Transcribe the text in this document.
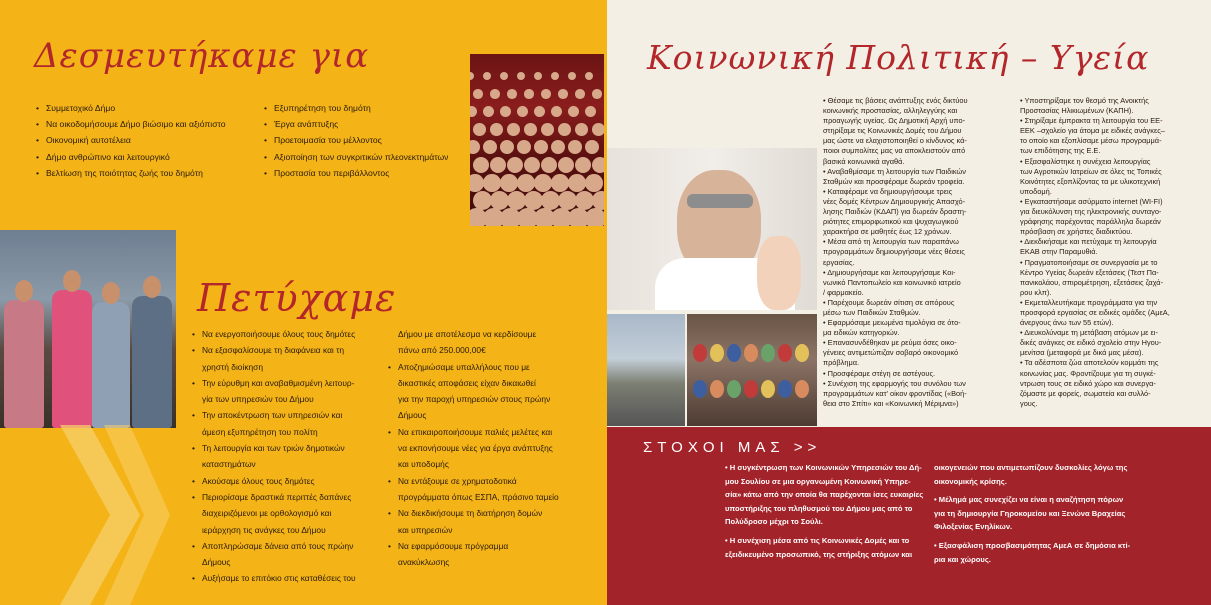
Δεσμευτήκαμε για
• Συμμετοχικό Δήμο
• Να οικοδομήσουμε Δήμο βιώσιμο και αξιόπιστο
• Οικονομική αυτοτέλεια
• Δήμο ανθρώπινο και λειτουργικό
• Βελτίωση της ποιότητας ζωής του δημότη
• Εξυπηρέτηση του δημότη
• Έργα ανάπτυξης
• Προετοιμασία του μέλλοντος
• Αξιοποίηση των συγκριτικών πλεονεκτημάτων
• Προστασία του περιβάλλοντος
Πετύχαμε
• Να ενεργοποιήσουμε όλους τους δημότες
• Να εξασφαλίσουμε τη διαφάνεια και τη
χρηστή διοίκηση
• Την εύρυθμη και αναβαθμισμένη λειτουρ-
γία των υπηρεσιών του Δήμου
• Την αποκέντρωση των υπηρεσιών και
άμεση εξυπηρέτηση του πολίτη
• Τη λειτουργία και των τριών δημοτικών
καταστημάτων
• Ακούσαμε όλους τους δημότες
• Περιορίσαμε δραστικά περιττές δαπάνες
διαχειριζόμενοι με ορθολογισμό και
ιεράρχηση τις ανάγκες του Δήμου
• Αποπληρώσαμε δάνεια από τους πρώην
Δήμους
• Αυξήσαμε το επιτόκιο στις καταθέσεις του
Δήμου με αποτέλεσμα να κερδίσουμε
πάνω από 250.000,00€
• Αποζημιώσαμε υπαλλήλους που με
δικαστικές αποφάσεις είχαν δικαιωθεί
για την παροχή υπηρεσιών στους πρώην
Δήμους
• Να επικαιροποιήσουμε παλιές μελέτες και
να εκπονήσουμε νέες για έργα ανάπτυξης
και υποδομής
• Να εντάξουμε σε χρηματοδοτικά
προγράμματα όπως ΕΣΠΑ, πράσινο ταμείο
• Να διεκδικήσουμε τη διατήρηση δομών
και υπηρεσιών
• Να εφαρμόσουμε πρόγραμμα
ανακύκλωσης
Κοινωνική Πολιτική – Υγεία
• Θέσαμε τις βάσεις ανάπτυξης ενός δικτύου
κοινωνικής προστασίας, αλληλεγγύης και
προαγωγής υγείας. Ως Δημοτική Αρχή υπο-
στηρίξαμε τις Κοινωνικές Δομές του Δήμου
μας ώστε να ελαχιστοποιηθεί ο κίνδυνος κά-
ποιοι συμπολίτες μας να αποκλειστούν από
βασικά κοινωνικά αγαθά.
• Αναβαθμίσαμε τη λειτουργία των Παιδικών
Σταθμών και προσφέραμε δωρεάν τροφεία.
• Καταφέραμε να δημιουργήσουμε τρεις
νέες δομές Κέντρων Δημιουργικής Απασχό-
λησης Παιδιών (ΚΔΑΠ) για δωρεάν δραστη-
ριότητες επιμορφωτικού και ψυχαγωγικού
χαρακτήρα σε μαθητές έως 12 χρόνων.
• Μέσα από τη λειτουργία των παραπάνω
προγραμμάτων δημιουργήσαμε νέες θέσεις
εργασίας.
• Δημιουργήσαμε και λειτουργήσαμε Κοι-
νωνικό Παντοπωλείο και κοινωνικό ιατρείο
/ φαρμακείο.
• Παρέχουμε δωρεάν σίτιση σε απόρους
μέσω των Παιδικών Σταθμών.
• Εφαρμόσαμε μειωμένα τιμολόγια σε ότο-
μα ειδικών κατηγοριών.
• Επανασυνδέθηκαν με ρεύμα όσες οικο-
γένειες αντιμετώπιζαν σοβαρό οικονομικό
πρόβλημα.
• Προσφέραμε στέγη σε αστέγους.
• Συνέχιση της εφαρμογής του συνόλου των
προγραμμάτων κατ' οίκον φροντίδας («Βοή-
θεια στο Σπίτι» και «Κοινωνική Μέριμνα»)
• Υποστηρίξαμε τον θεσμό της Ανοικτής
Προστασίας Ηλικιωμένων (ΚΑΠΗ).
• Στηρίξαμε έμπρακτα τη λειτουργία του ΕΕ-
ΕΕΚ –σχολείο για άτομα με ειδικές ανάγκες–
το οποίο και εξοπλίσαμε μέσω προγραμμά-
των επιδότησης της Ε.Ε.
• Εξασφαλίστηκε η συνέχεια λειτουργίας
των Αγροτικών Ιατρείων σε όλες τις Τοπικές
Κοινότητες εξοπλίζοντας τα με υλικοτεχνική
υποδομή.
• Εγκαταστήσαμε ασύρματο internet (WI-FI)
για διευκόλυνση της ηλεκτρονικής συνταγο-
γράφησης παρέχοντας παράλληλα δωρεάν
πρόσβαση σε χρήστες διαδικτύου.
• Διεκδικήσαμε και πετύχαμε τη λειτουργία
ΕΚΑΒ στην Παραμυθιά.
• Πραγματοποιήσαμε σε συνεργασία με το
Κέντρο Υγείας δωρεάν εξετάσεις (Τεστ Πα-
πανικολάου, σπιρομέτρηση, εξετάσεις ζαχά-
ρου κλπ).
• Εκμεταλλευτήκαμε προγράμματα για την
προσφορά εργασίας σε ειδικές ομάδες (ΑμεΑ,
άνεργους άνω των 55 ετών).
• Διευκολύναμε τη μετάβαση ατόμων με ει-
δικές ανάγκες σε ειδικό σχολείο στην Ηγου-
μενίτσα (μεταφορά με δικά μας μέσα).
• Τα αδέσποτα ζώα αποτελούν κομμάτι της
κοινωνίας μας. Φροντίζουμε για τη συγκέ-
ντρωση τους σε ειδικό χώρο και συνεργα-
ζόμαστε με φορείς, σωματεία και συλλό-
γους.
ΣΤΟΧΟΙ ΜΑΣ >>
• Η συγκέντρωση των Κοινωνικών Υπηρεσιών του Δή-
μου Σουλίου σε μια οργανωμένη Κοινωνική Υπηρε-
σία» κάτω από την οποία θα παρέχονται ίσες ευκαιρίες
υποστήριξης του πληθυσμού του Δήμου μας από το
Πολύδροσο μέχρι το Σούλι.
• Η συνέχιση μέσα από τις Κοινωνικές Δομές και το
εξειδικευμένο προσωπικό, της στήριξης ατόμων και
οικογενειών που αντιμετωπίζουν δυσκολίες λόγω της
οικονομικής κρίσης.
• Μέλημά μας συνεχίζει να είναι η αναζήτηση πόρων
για τη δημιουργία Γηροκομείου και Ξενώνα Βραχείας
Φιλοξενίας Ενηλίκων.
• Εξασφάλιση προσβασιμότητας ΑμεΑ σε δημόσια κτί-
ρια και χώρους.
